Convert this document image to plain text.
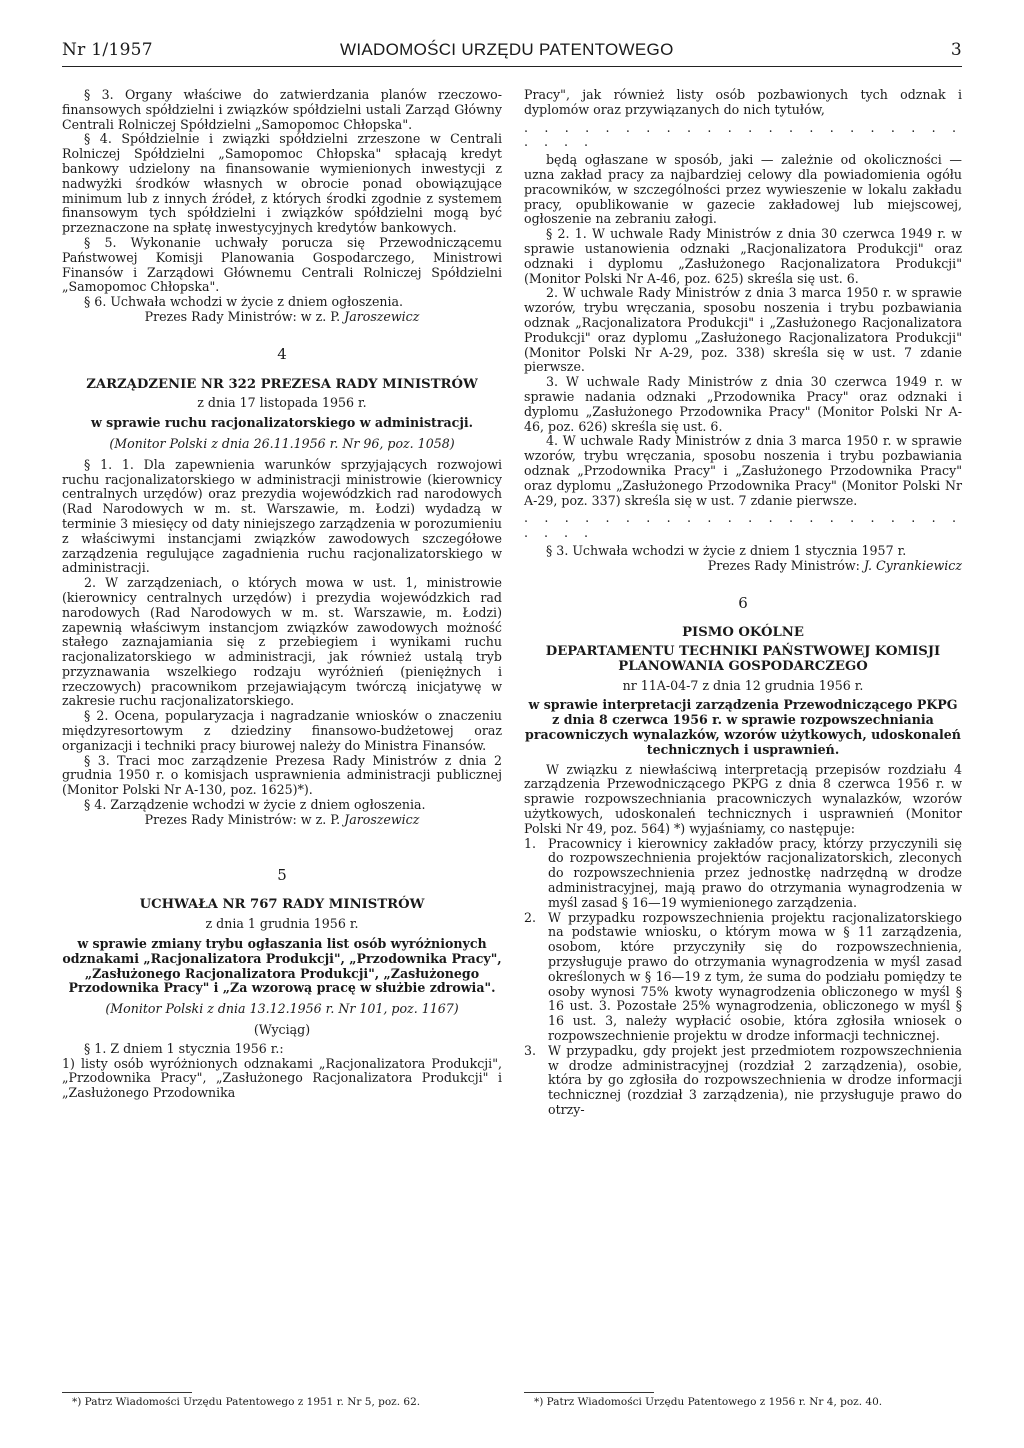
Nr 1/1957	WIADOMOŚCI URZĘDU PATENTOWEGO	3

§ 3. Organy właściwe do zatwierdzania planów rzeczowo-finansowych spółdzielni i związków spółdzielni ustali Zarząd Główny Centrali Rolniczej Spółdzielni „Samopomoc Chłopska".

§ 4. Spółdzielnie i związki spółdzielni zrzeszone w Centrali Rolniczej Spółdzielni „Samopomoc Chłopska" spłacają kredyt bankowy udzielony na finansowanie wymienionych inwestycji z nadwyżki środków własnych w obrocie ponad obowiązujące minimum lub z innych źródeł, z których środki zgodnie z systemem finansowym tych spółdzielni i związków spółdzielni mogą być przeznaczone na spłatę inwestycyjnych kredytów bankowych.

§ 5. Wykonanie uchwały porucza się Przewodniczącemu Państwowej Komisji Planowania Gospodarczego, Ministrowi Finansów i Zarządowi Głównemu Centrali Rolniczej Spółdzielni „Samopomoc Chłopska".

§ 6. Uchwała wchodzi w życie z dniem ogłoszenia.

Prezes Rady Ministrów: w z. P. Jaroszewicz

4
ZARZĄDZENIE NR 322 PREZESA RADY MINISTRÓW

z dnia 17 listopada 1956 r.

w sprawie ruchu racjonalizatorskiego w administracji.
(Monitor Polski z dnia 26.11.1956 r. Nr 96, poz. 1058)

§ 1. 1. Dla zapewnienia warunków sprzyjających rozwojowi ruchu racjonalizatorskiego w administracji ministrowie (kierownicy centralnych urzędów) oraz prezydia wojewódzkich rad narodowych (Rad Narodowych w m. st. Warszawie, m. Łodzi) wydadzą w terminie 3 miesięcy od daty niniejszego zarządzenia w porozumieniu z właściwymi instancjami związków zawodowych szczegółowe zarządzenia regulujące zagadnienia ruchu racjonalizatorskiego w administracji.

2. W zarządzeniach, o których mowa w ust. 1, ministrowie (kierownicy centralnych urzędów) i prezydia wojewódzkich rad narodowych (Rad Narodowych w m. st. Warszawie, m. Łodzi) zapewnią właściwym instancjom związków zawodowych możność stałego zaznajamiania się z przebiegiem i wynikami ruchu racjonalizatorskiego w administracji, jak również ustalą tryb przyznawania wszelkiego rodzaju wyróżnień (pieniężnych i rzeczowych) pracownikom przejawiającym twórczą inicjatywę w zakresie ruchu racjonalizatorskiego.

§ 2. Ocena, popularyzacja i nagradzanie wniosków o znaczeniu międzyresortowym z dziedziny finansowo-budżetowej oraz organizacji i techniki pracy biurowej należy do Ministra Finansów.

§ 3. Traci moc zarządzenie Prezesa Rady Ministrów z dnia 2 grudnia 1950 r. o komisjach usprawnienia administracji publicznej (Monitor Polski Nr A-130, poz. 1625)*).

§ 4. Zarządzenie wchodzi w życie z dniem ogłoszenia.

Prezes Rady Ministrów: w z. P. Jaroszewicz

5
UCHWAŁA NR 767 RADY MINISTRÓW

z dnia 1 grudnia 1956 r.

w sprawie zmiany trybu ogłaszania list osób wyróżnionych odznakami „Racjonalizatora Produkcji", „Przodownika Pracy", „Zasłużonego Racjonalizatora Produkcji", „Zasłużonego Przodownika Pracy" i „Za wzorową pracę w służbie zdrowia".
(Monitor Polski z dnia 13.12.1956 r. Nr 101, poz. 1167)
(Wyciąg)

§ 1. Z dniem 1 stycznia 1956 r.:

1) listy osób wyróżnionych odznakami „Racjonalizatora Produkcji", „Przodownika Pracy", „Zasłużonego Racjonalizatora Produkcji" i „Zasłużonego Przodownika

*) Patrz Wiadomości Urzędu Patentowego z 1951 r. Nr 5, poz. 62.

Pracy", jak również listy osób pozbawionych tych odznak i dyplomów oraz przywiązanych do nich tytułów,

. . . . . . . . . . . . . . . . . . . . . . . . . .

będą ogłaszane w sposób, jaki — zależnie od okoliczności — uzna zakład pracy za najbardziej celowy dla powiadomienia ogółu pracowników, w szczególności przez wywieszenie w lokalu zakładu pracy, opublikowanie w gazecie zakładowej lub miejscowej, ogłoszenie na zebraniu załogi.

§ 2. 1. W uchwale Rady Ministrów z dnia 30 czerwca 1949 r. w sprawie ustanowienia odznaki „Racjonalizatora Produkcji" oraz odznaki i dyplomu „Zasłużonego Racjonalizatora Produkcji" (Monitor Polski Nr A-46, poz. 625) skreśla się ust. 6.

2. W uchwale Rady Ministrów z dnia 3 marca 1950 r. w sprawie wzorów, trybu wręczania, sposobu noszenia i trybu pozbawiania odznak „Racjonalizatora Produkcji" i „Zasłużonego Racjonalizatora Produkcji" oraz dyplomu „Zasłużonego Racjonalizatora Produkcji" (Monitor Polski Nr A-29, poz. 338) skreśla się w ust. 7 zdanie pierwsze.

3. W uchwale Rady Ministrów z dnia 30 czerwca 1949 r. w sprawie nadania odznaki „Przodownika Pracy" oraz odznaki i dyplomu „Zasłużonego Przodownika Pracy" (Monitor Polski Nr A-46, poz. 626) skreśla się ust. 6.

4. W uchwale Rady Ministrów z dnia 3 marca 1950 r. w sprawie wzorów, trybu wręczania, sposobu noszenia i trybu pozbawiania odznak „Przodownika Pracy" i „Zasłużonego Przodownika Pracy" oraz dyplomu „Zasłużonego Przodownika Pracy" (Monitor Polski Nr A-29, poz. 337) skreśla się w ust. 7 zdanie pierwsze.

. . . . . . . . . . . . . . . . . . . . . . . . . .

§ 3. Uchwała wchodzi w życie z dniem 1 stycznia 1957 r.

Prezes Rady Ministrów: J. Cyrankiewicz

6
PISMO OKÓLNE
DEPARTAMENTU TECHNIKI PAŃSTWOWEJ KOMISJI
PLANOWANIA GOSPODARCZEGO

nr 11A-04-7 z dnia 12 grudnia 1956 r.

w sprawie interpretacji zarządzenia Przewodniczącego PKPG z dnia 8 czerwca 1956 r. w sprawie rozpowszechniania pracowniczych wynalazków, wzorów użytkowych, udoskonaleń technicznych i usprawnień.

W związku z niewłaściwą interpretacją przepisów rozdziału 4 zarządzenia Przewodniczącego PKPG z dnia 8 czerwca 1956 r. w sprawie rozpowszechniania pracowniczych wynalazków, wzorów użytkowych, udoskonaleń technicznych i usprawnień (Monitor Polski Nr 49, poz. 564) *) wyjaśniamy, co następuje:

1. Pracownicy i kierownicy zakładów pracy, którzy przyczynili się do rozpowszechnienia projektów racjonalizatorskich, zleconych do rozpowszechnienia przez jednostkę nadrzędną w drodze administracyjnej, mają prawo do otrzymania wynagrodzenia w myśl zasad § 16—19 wymienionego zarządzenia.
2. W przypadku rozpowszechnienia projektu racjonalizatorskiego na podstawie wniosku, o którym mowa w § 11 zarządzenia, osobom, które przyczyniły się do rozpowszechnienia, przysługuje prawo do otrzymania wynagrodzenia w myśl zasad określonych w § 16—19 z tym, że suma do podziału pomiędzy te osoby wynosi 75% kwoty wynagrodzenia obliczonego w myśl § 16 ust. 3. Pozostałe 25% wynagrodzenia, obliczonego w myśl § 16 ust. 3, należy wypłacić osobie, która zgłosiła wniosek o rozpowszechnienie projektu w drodze informacji technicznej.
3. W przypadku, gdy projekt jest przedmiotem rozpowszechnienia w drodze administracyjnej (rozdział 2 zarządzenia), osobie, która by go zgłosiła do rozpowszechnienia w drodze informacji technicznej (rozdział 3 zarządzenia), nie przysługuje prawo do otrzy-

*) Patrz Wiadomości Urzędu Patentowego z 1956 r. Nr 4, poz. 40.
